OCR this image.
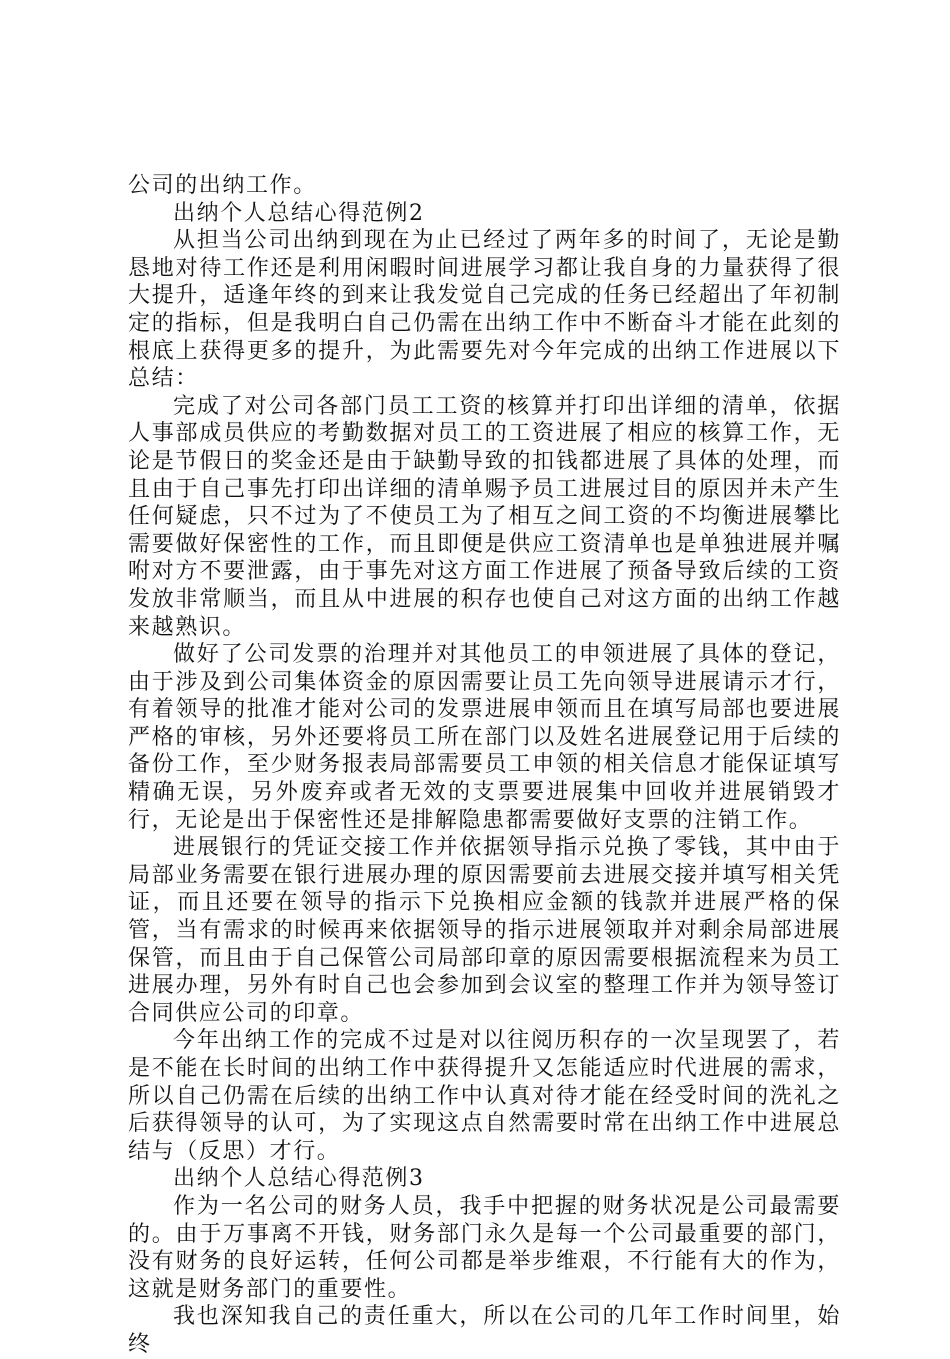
公司的出纳工作。

出纳个人总结心得范例2

从担当公司出纳到现在为止已经过了两年多的时间了，无论是勤恳地对待工作还是利用闲暇时间进展学习都让我自身的力量获得了很大提升，适逢年终的到来让我发觉自己完成的任务已经超出了年初制定的指标，但是我明白自己仍需在出纳工作中不断奋斗才能在此刻的根底上获得更多的提升，为此需要先对今年完成的出纳工作进展以下总结：

完成了对公司各部门员工工资的核算并打印出详细的清单，依据人事部成员供应的考勤数据对员工的工资进展了相应的核算工作，无论是节假日的奖金还是由于缺勤导致的扣钱都进展了具体的处理，而且由于自己事先打印出详细的清单赐予员工进展过目的原因并未产生任何疑虑，只不过为了不使员工为了相互之间工资的不均衡进展攀比需要做好保密性的工作，而且即便是供应工资清单也是单独进展并嘱咐对方不要泄露，由于事先对这方面工作进展了预备导致后续的工资发放非常顺当，而且从中进展的积存也使自己对这方面的出纳工作越来越熟识。

做好了公司发票的治理并对其他员工的申领进展了具体的登记，由于涉及到公司集体资金的原因需要让员工先向领导进展请示才行，有着领导的批准才能对公司的发票进展申领而且在填写局部也要进展严格的审核，另外还要将员工所在部门以及姓名进展登记用于后续的备份工作，至少财务报表局部需要员工申领的相关信息才能保证填写精确无误，另外废弃或者无效的支票要进展集中回收并进展销毁才行，无论是出于保密性还是排解隐患都需要做好支票的注销工作。

进展银行的凭证交接工作并依据领导指示兑换了零钱，其中由于局部业务需要在银行进展办理的原因需要前去进展交接并填写相关凭证，而且还要在领导的指示下兑换相应金额的钱款并进展严格的保管，当有需求的时候再来依据领导的指示进展领取并对剩余局部进展保管，而且由于自己保管公司局部印章的原因需要根据流程来为员工进展办理，另外有时自己也会参加到会议室的整理工作并为领导签订合同供应公司的印章。

今年出纳工作的完成不过是对以往阅历积存的一次呈现罢了，若是不能在长时间的出纳工作中获得提升又怎能适应时代进展的需求，所以自己仍需在后续的出纳工作中认真对待才能在经受时间的洗礼之后获得领导的认可，为了实现这点自然需要时常在出纳工作中进展总结与（反思）才行。

出纳个人总结心得范例3

作为一名公司的财务人员，我手中把握的财务状况是公司最需要的。由于万事离不开钱，财务部门永久是每一个公司最重要的部门，没有财务的良好运转，任何公司都是举步维艰，不行能有大的作为，这就是财务部门的重要性。

我也深知我自己的责任重大，所以在公司的几年工作时间里，始终
